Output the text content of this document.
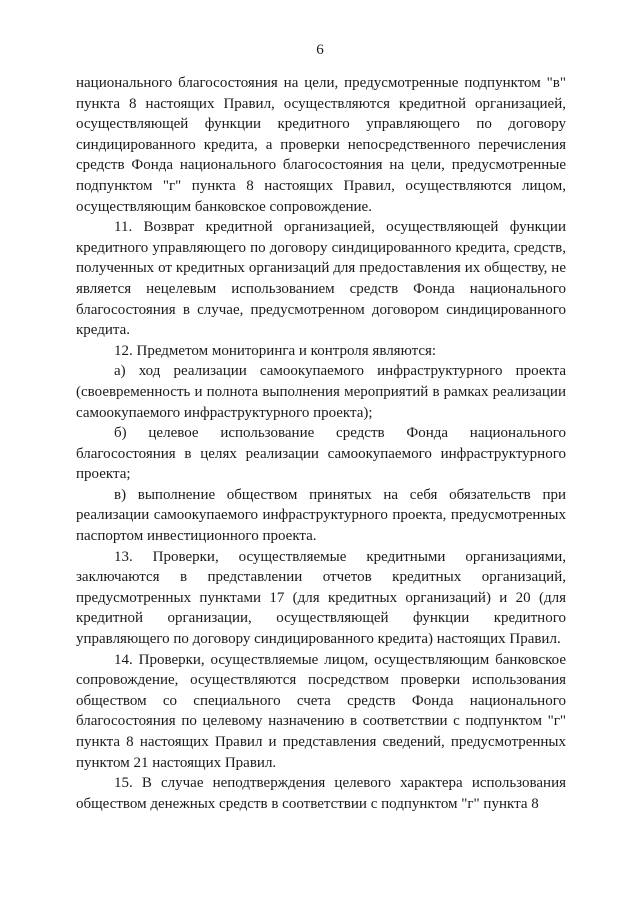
6

национального благосостояния на цели, предусмотренные подпунктом "в" пункта 8 настоящих Правил, осуществляются кредитной организацией, осуществляющей функции кредитного управляющего по договору синдицированного кредита, а проверки непосредственного перечисления средств Фонда национального благосостояния на цели, предусмотренные подпунктом "г" пункта 8 настоящих Правил, осуществляются лицом, осуществляющим банковское сопровождение.

11. Возврат кредитной организацией, осуществляющей функции кредитного управляющего по договору синдицированного кредита, средств, полученных от кредитных организаций для предоставления их обществу, не является нецелевым использованием средств Фонда национального благосостояния в случае, предусмотренном договором синдицированного кредита.

12. Предметом мониторинга и контроля являются:

а) ход реализации самоокупаемого инфраструктурного проекта (своевременность и полнота выполнения мероприятий в рамках реализации самоокупаемого инфраструктурного проекта);

б) целевое использование средств Фонда национального благосостояния в целях реализации самоокупаемого инфраструктурного проекта;

в) выполнение обществом принятых на себя обязательств при реализации самоокупаемого инфраструктурного проекта, предусмотренных паспортом инвестиционного проекта.

13. Проверки, осуществляемые кредитными организациями, заключаются в представлении отчетов кредитных организаций, предусмотренных пунктами 17 (для кредитных организаций) и 20 (для кредитной организации, осуществляющей функции кредитного управляющего по договору синдицированного кредита) настоящих Правил.

14. Проверки, осуществляемые лицом, осуществляющим банковское сопровождение, осуществляются посредством проверки использования обществом со специального счета средств Фонда национального благосостояния по целевому назначению в соответствии с подпунктом "г" пункта 8 настоящих Правил и представления сведений, предусмотренных пунктом 21 настоящих Правил.

15. В случае неподтверждения целевого характера использования обществом денежных средств в соответствии с подпунктом "г" пункта 8
